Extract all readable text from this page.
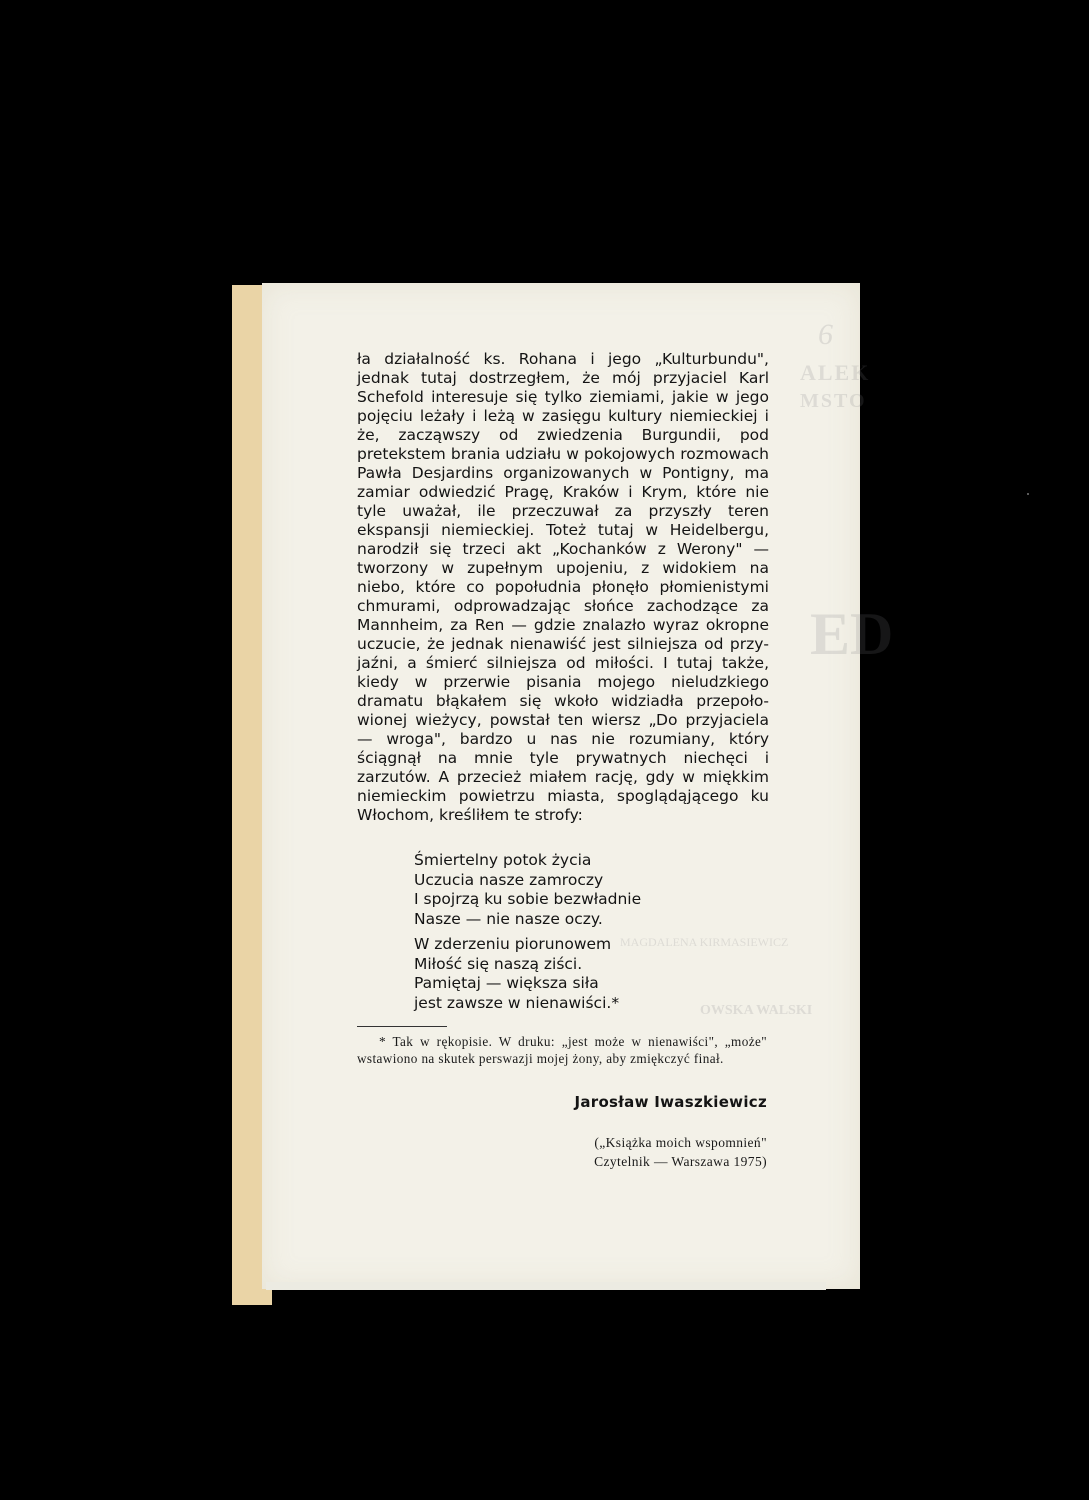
ALEK
MSTO
ED
MAGDALENA KIRMASIEWICZ
OWSKA WALSKI
6
ła działalność ks. Rohana i jego „Kulturbundu", jednak tutaj dostrzegłem, że mój przyjaciel Karl Schefold interesuje się tylko ziemiami, jakie w jego pojęciu leżały i leżą w zasięgu kultury niemieckiej i że, zacząwszy od zwiedzenia Burgundii, pod pretekstem brania udziału w pokojowych rozmowach Pawła Desjardins organizowanych w Pontigny, ma zamiar odwiedzić Pragę, Kraków i Krym, które nie tyle uważał, ile przeczuwał za przyszły teren ekspansji niemieckiej. Toteż tutaj w Heidelbergu, narodził się trzeci akt „Kochanków z Werony" — tworzony w zupełnym upojeniu, z widokiem na niebo, które co popołudnia płonęło płomienistymi chmurami, odprowadzając słońce zachodzące za Mannheim, za Ren — gdzie znalazło wyraz okropne uczucie, że jednak nienawiść jest silniejsza od przyjaźni, a śmierć silniejsza od miłości. I tutaj także, kiedy w przerwie pisania mojego nieludzkiego dramatu błąkałem się wkoło widziadła przepołowionej wieżycy, powstał ten wiersz „Do przyjaciela — wroga", bardzo u nas nie rozumiany, który ściągnął na mnie tyle prywatnych niechęci i zarzutów. A przecież miałem rację, gdy w miękkim niemieckim powietrzu miasta, spoglądąjącego ku Włochom, kreśliłem te strofy:
Śmiertelny potok życia
Uczucia nasze zamroczy
I spojrzą ku sobie bezwładnie
Nasze — nie nasze oczy.
W zderzeniu piorunowem
Miłość się naszą ziści.
Pamiętaj — większa siła
jest zawsze w nienawiści.*
* Tak w rękopisie. W druku: „jest może w nienawiści", „może" wstawiono na skutek perswazji mojej żony, aby zmiękczyć finał.
Jarosław Iwaszkiewicz
(„Książka moich wspomnień"
Czytelnik — Warszawa 1975)
